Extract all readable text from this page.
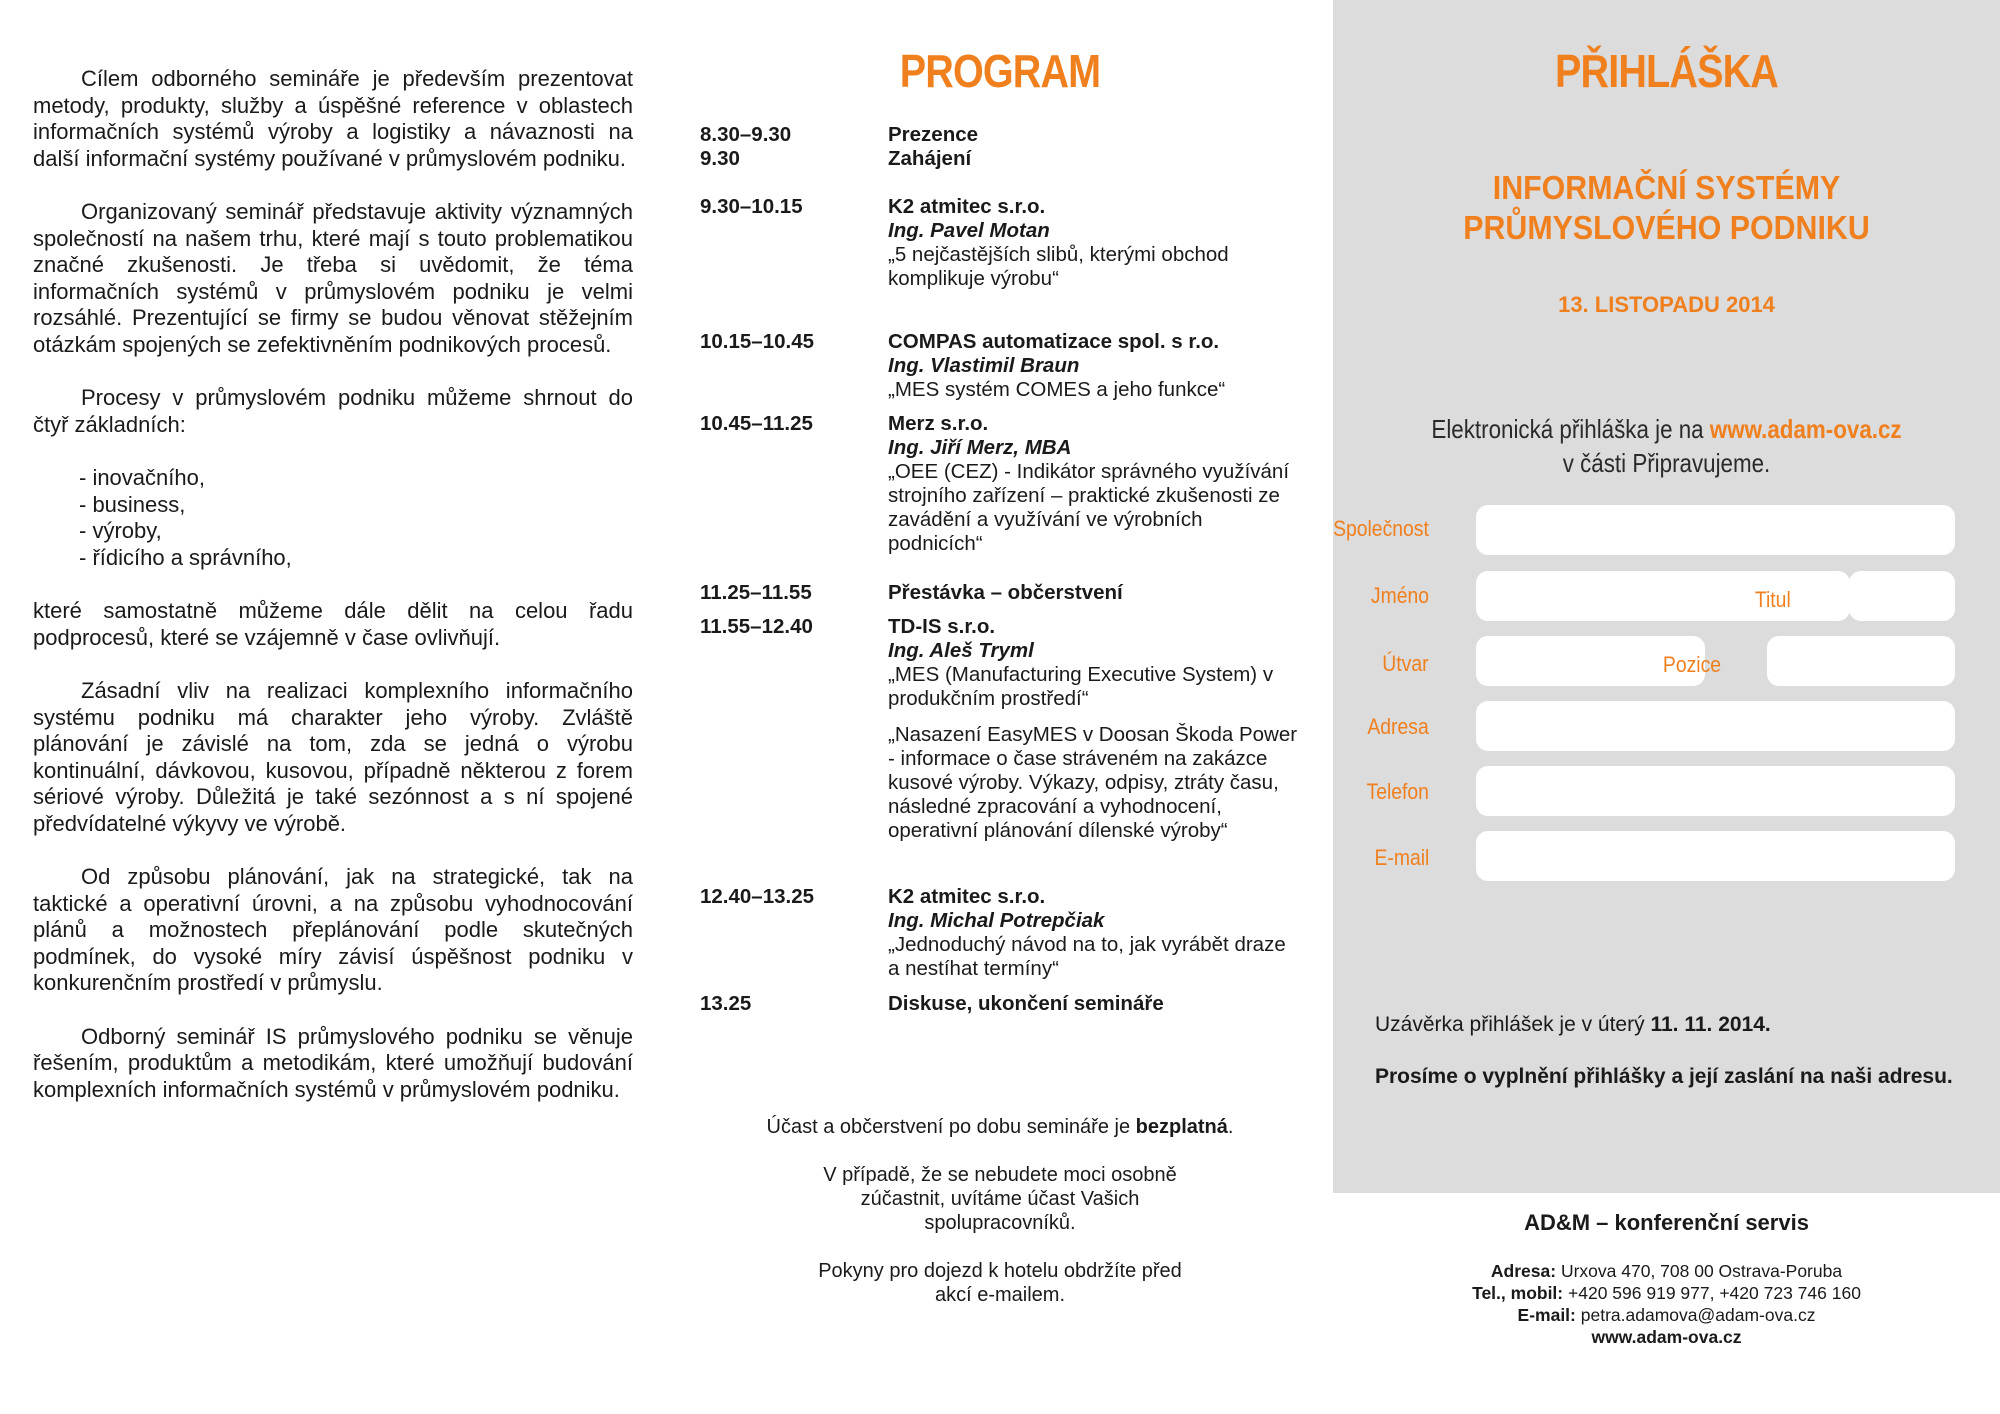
Cílem odborného semináře je především prezentovat metody, produkty, služby a úspěšné reference v oblastech informačních systémů výroby a logistiky a návaznosti na další informační systémy používané v průmyslovém podniku.

Organizovaný seminář představuje aktivity významných společností na našem trhu, které mají s touto problematikou značné zkušenosti. Je třeba si uvědomit, že téma informačních systémů v průmyslovém podniku je velmi rozsáhlé. Prezentující se firmy se budou věnovat stěžejním otázkám spojených se zefektivněním podnikových procesů.

Procesy v průmyslovém podniku můžeme shrnout do čtyř základních:

- inovačního,
- business,
- výroby,
- řídicího a správního,

které samostatně můžeme dále dělit na celou řadu podprocesů, které se vzájemně v čase ovlivňují.

Zásadní vliv na realizaci komplexního informačního systému podniku má charakter jeho výroby. Zvláště plánování je závislé na tom, zda se jedná o výrobu kontinuální, dávkovou, kusovou, případně některou z forem sériové výroby. Důležitá je také sezónnost a s ní spojené předvídatelné výkyvy ve výrobě.

Od způsobu plánování, jak na strategické, tak na taktické a operativní úrovni, a na způsobu vyhodnocování plánů a možnostech přeplánování podle skutečných podmínek, do vysoké míry závisí úspěšnost podniku v konkurenčním prostředí v průmyslu.

Odborný seminář IS průmyslového podniku se věnuje řešením, produktům a metodikám, které umožňují budování komplexních informačních systémů v průmyslovém podniku.

PROGRAM
8.30–9.30	Prezence
9.30	Zahájení
9.30–10.15	K2 atmitec s.r.o.
Ing. Pavel Motan
„5 nejčastějších slibů, kterými obchod komplikuje výrobu“
10.15–10.45	COMPAS automatizace spol. s r.o.
Ing. Vlastimil Braun
„MES systém COMES a jeho funkce“
10.45–11.25	Merz s.r.o.
Ing. Jiří Merz, MBA
„OEE (CEZ) - Indikátor správného využívání strojního zařízení – praktické zkušenosti ze zavádění a využívání ve výrobních podnicích“
11.25–11.55	Přestávka – občerstvení
11.55–12.40	TD-IS s.r.o.
Ing. Aleš Tryml
„MES (Manufacturing Executive System) v produkčním prostředí“
„Nasazení EasyMES v Doosan Škoda Power - informace o čase stráveném na zakázce kusové výroby. Výkazy, odpisy, ztráty času, následné zpracování a vyhodnocení, operativní plánování dílenské výroby“
12.40–13.25	K2 atmitec s.r.o.
Ing. Michal Potrepčiak
„Jednoduchý návod na to, jak vyrábět draze a nestíhat termíny“
13.25	Diskuse, ukončení semináře

Účast a občerstvení po dobu semináře je bezplatná.

V případě, že se nebudete moci osobně zúčastnit, uvítáme účast Vašich spolupracovníků.

Pokyny pro dojezd k hotelu obdržíte před akcí e-mailem.

PŘIHLÁŠKA
INFORMAČNÍ SYSTÉMY
PRŮMYSLOVÉHO PODNIKU
13. LISTOPADU 2014
Elektronická přihláška je na www.adam-ova.cz
v části Připravujeme.
Společnost
Jméno	Titul
Útvar	Pozice
Adresa
Telefon
E-mail
Uzávěrka přihlášek je v úterý 11. 11. 2014.
Prosíme o vyplnění přihlášky a její zaslání na naši adresu.
AD&M – konferenční servis
Adresa: Urxova 470, 708 00 Ostrava-Poruba
Tel., mobil: +420 596 919 977, +420 723 746 160
E-mail: petra.adamova@adam-ova.cz
www.adam-ova.cz
